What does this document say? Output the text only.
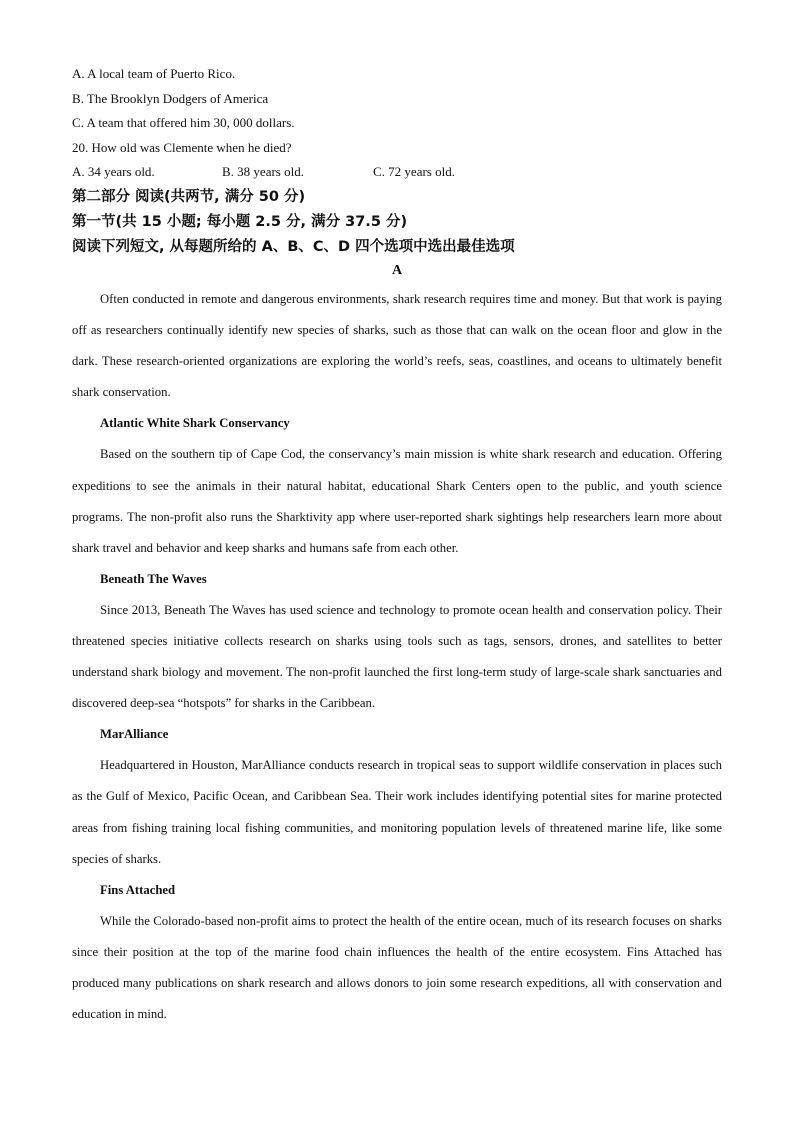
A. A local team of Puerto Rico.
B. The Brooklyn Dodgers of America
C. A team that offered him 30, 000 dollars.
20. How old was Clemente when he died?
A. 34 years old.	B. 38 years old.	C. 72 years old.
第二部分 阅读(共两节, 满分 50 分)
第一节(共 15 小题; 每小题 2.5 分, 满分 37.5 分)
阅读下列短文, 从每题所给的 A、B、C、D 四个选项中选出最佳选项
A

Often conducted in remote and dangerous environments, shark research requires time and money. But that work is paying off as researchers continually identify new species of sharks, such as those that can walk on the ocean floor and glow in the dark. These research-oriented organizations are exploring the world’s reefs, seas, coastlines, and oceans to ultimately benefit shark conservation.

Atlantic White Shark Conservancy

Based on the southern tip of Cape Cod, the conservancy’s main mission is white shark research and education. Offering expeditions to see the animals in their natural habitat, educational Shark Centers open to the public, and youth science programs. The non-profit also runs the Sharktivity app where user-reported shark sightings help researchers learn more about shark travel and behavior and keep sharks and humans safe from each other.

Beneath The Waves

Since 2013, Beneath The Waves has used science and technology to promote ocean health and conservation policy. Their threatened species initiative collects research on sharks using tools such as tags, sensors, drones, and satellites to better understand shark biology and movement. The non-profit launched the first long-term study of large-scale shark sanctuaries and discovered deep-sea “hotspots” for sharks in the Caribbean.

MarAlliance

Headquartered in Houston, MarAlliance conducts research in tropical seas to support wildlife conservation in places such as the Gulf of Mexico, Pacific Ocean, and Caribbean Sea. Their work includes identifying potential sites for marine protected areas from fishing training local fishing communities, and monitoring population levels of threatened marine life, like some species of sharks.

Fins Attached

While the Colorado-based non-profit aims to protect the health of the entire ocean, much of its research focuses on sharks since their position at the top of the marine food chain influences the health of the entire ecosystem. Fins Attached has produced many publications on shark research and allows donors to join some research expeditions, all with conservation and education in mind.
